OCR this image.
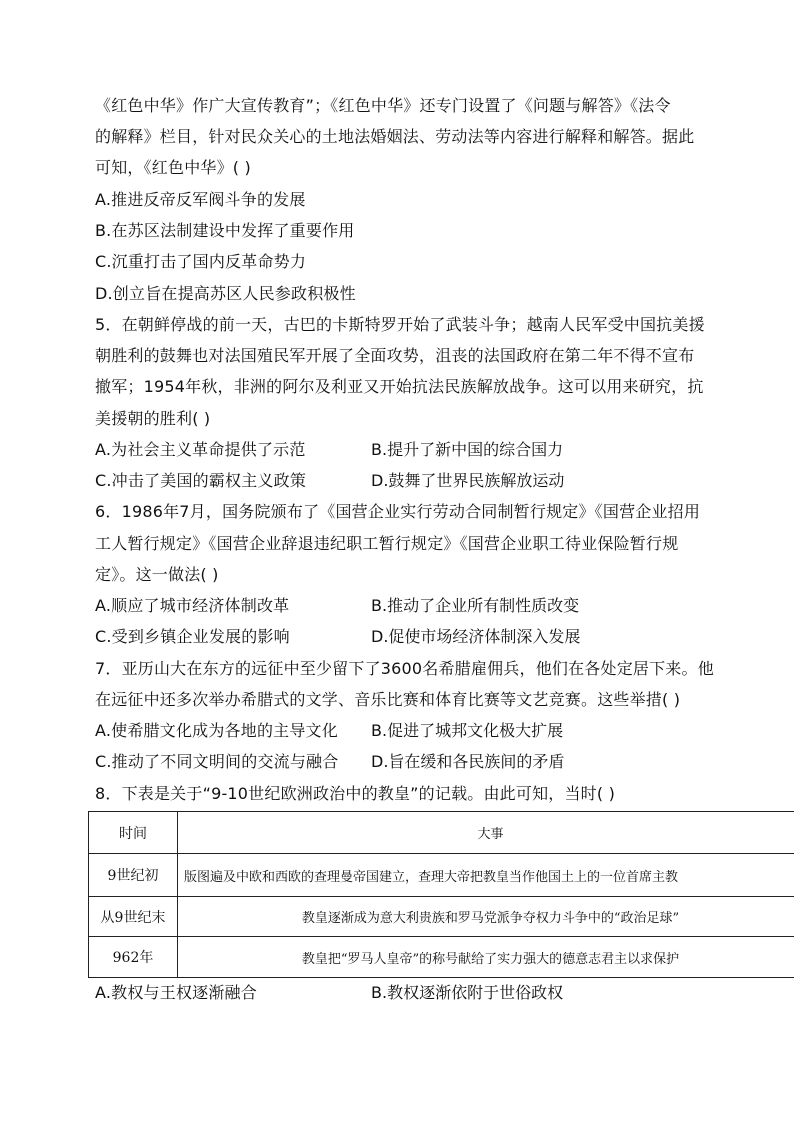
《红色中华》作广大宣传教育”；《红色中华》还专门设置了《问题与解答》《法令
的解释》栏目，针对民众关心的土地法婚姻法、劳动法等内容进行解释和解答。据此
可知，《红色中华》( )
A.推进反帝反军阀斗争的发展
B.在苏区法制建设中发挥了重要作用
C.沉重打击了国内反革命势力
D.创立旨在提高苏区人民参政积极性
5．在朝鲜停战的前一天，古巴的卡斯特罗开始了武装斗争；越南人民军受中国抗美援
朝胜利的鼓舞也对法国殖民军开展了全面攻势，沮丧的法国政府在第二年不得不宣布
撤军；1954年秋，非洲的阿尔及利亚又开始抗法民族解放战争。这可以用来研究，抗
美援朝的胜利( )
A.为社会主义革命提供了示范	B.提升了新中国的综合国力
C.冲击了美国的霸权主义政策	D.鼓舞了世界民族解放运动
6．1986年7月，国务院颁布了《国营企业实行劳动合同制暂行规定》《国营企业招用
工人暂行规定》《国营企业辞退违纪职工暂行规定》《国营企业职工待业保险暂行规
定》。这一做法( )
A.顺应了城市经济体制改革	B.推动了企业所有制性质改变
C.受到乡镇企业发展的影响	D.促使市场经济体制深入发展
7．亚历山大在东方的远征中至少留下了3600名希腊雇佣兵，他们在各处定居下来。他
在远征中还多次举办希腊式的文学、音乐比赛和体育比赛等文艺竞赛。这些举措( )
A.使希腊文化成为各地的主导文化 B.促进了城邦文化极大扩展
C.推动了不同文明间的交流与融合 D.旨在缓和各民族间的矛盾
8．下表是关于“9-10世纪欧洲政治中的教皇”的记载。由此可知，当时( )
时间	大事
9世纪初	版图遍及中欧和西欧的查理曼帝国建立，查理大帝把教皇当作他国土上的一位首席主教
从9世纪末	教皇逐渐成为意大利贵族和罗马党派争夺权力斗争中的“政治足球”
962年	教皇把“罗马人皇帝”的称号献给了实力强大的德意志君主以求保护
A.教权与王权逐渐融合	B.教权逐渐依附于世俗政权
